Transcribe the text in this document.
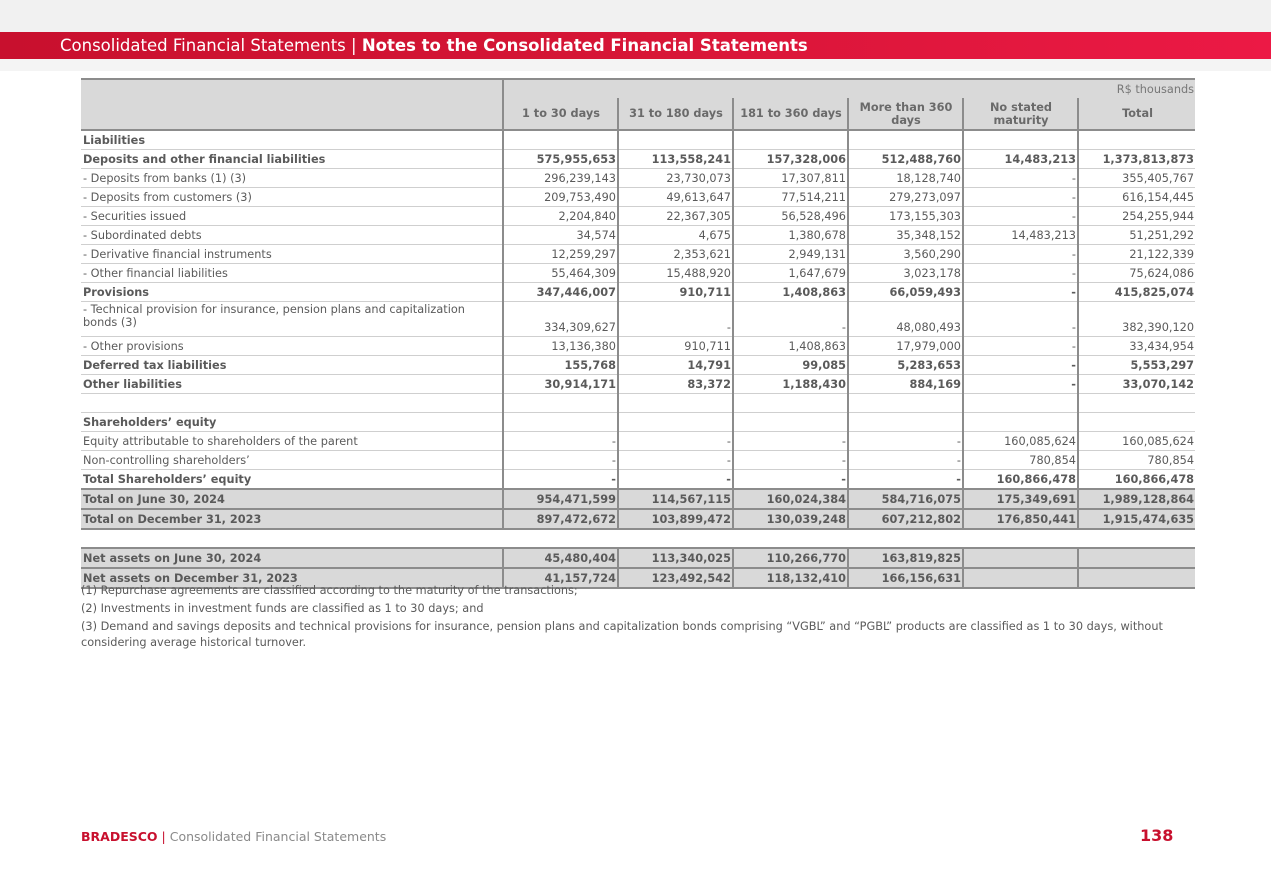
Consolidated Financial Statements | Notes to the Consolidated Financial Statements
	R$ thousands					
	1 to 30 days	31 to 180 days	181 to 360 days	More than 360 days	No stated maturity	Total
Liabilities						
Deposits and other financial liabilities	575,955,653	113,558,241	157,328,006	512,488,760	14,483,213	1,373,813,873
- Deposits from banks (1) (3)	296,239,143	23,730,073	17,307,811	18,128,740	-	355,405,767
- Deposits from customers (3)	209,753,490	49,613,647	77,514,211	279,273,097	-	616,154,445
- Securities issued	2,204,840	22,367,305	56,528,496	173,155,303	-	254,255,944
- Subordinated debts	34,574	4,675	1,380,678	35,348,152	14,483,213	51,251,292
- Derivative financial instruments	12,259,297	2,353,621	2,949,131	3,560,290	-	21,122,339
- Other financial liabilities	55,464,309	15,488,920	1,647,679	3,023,178	-	75,624,086
Provisions	347,446,007	910,711	1,408,863	66,059,493	-	415,825,074
- Technical provision for insurance, pension plans and capitalization bonds (3)	334,309,627	-	-	48,080,493	-	382,390,120
- Other provisions	13,136,380	910,711	1,408,863	17,979,000	-	33,434,954
Deferred tax liabilities	155,768	14,791	99,085	5,283,653	-	5,553,297
Other liabilities	30,914,171	83,372	1,188,430	884,169	-	33,070,142

Shareholders’ equity						
Equity attributable to shareholders of the parent	-	-	-	-	160,085,624	160,085,624
Non-controlling shareholders’	-	-	-	-	780,854	780,854
Total Shareholders’ equity	-	-	-	-	160,866,478	160,866,478
Total on June 30, 2024	954,471,599	114,567,115	160,024,384	584,716,075	175,349,691	1,989,128,864
Total on December 31, 2023	897,472,672	103,899,472	130,039,248	607,212,802	176,850,441	1,915,474,635

Net assets on June 30, 2024	45,480,404	113,340,025	110,266,770	163,819,825		
Net assets on December 31, 2023	41,157,724	123,492,542	118,132,410	166,156,631		

(1) Repurchase agreements are classified according to the maturity of the transactions;

(2) Investments in investment funds are classified as 1 to 30 days; and

(3) Demand and savings deposits and technical provisions for insurance, pension plans and capitalization bonds comprising “VGBL” and “PGBL” products are classified as 1 to 30 days, without considering average historical turnover.

BRADESCO | Consolidated Financial Statements	138
